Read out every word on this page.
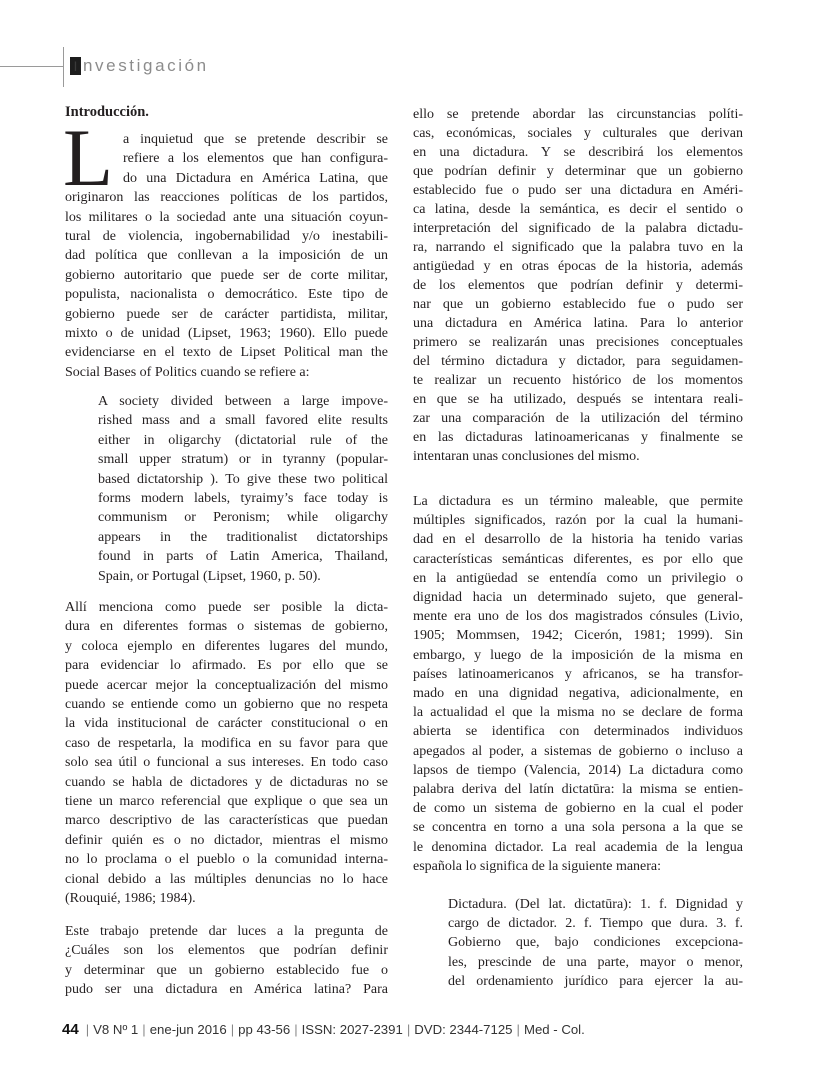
I nvestigación
Introducción.
L a inquietud que se pretende describir se
refiere a los elementos que han configura-
do una Dictadura en América Latina, que
originaron las reacciones políticas de los partidos,
los militares o la sociedad ante una situación coyun-
tural de violencia, ingobernabilidad y/o inestabili-
dad política que conllevan a la imposición de un
gobierno autoritario que puede ser de corte militar,
populista, nacionalista o democrático. Este tipo de
gobierno puede ser de carácter partidista, militar,
mixto o de unidad (Lipset, 1963; 1960). Ello puede
evidenciarse en el texto de Lipset Political man the
Social Bases of Politics cuando se refiere a:
A society divided between a large impove-
rished mass and a small favored elite results
either in oligarchy (dictatorial rule of the
small upper stratum) or in tyranny (popular-
based dictatorship ). To give these two political
forms modern labels, tyraimy’s face today is
communism or Peronism; while oligarchy
appears in the traditionalist dictatorships
found in parts of Latin America, Thailand,
Spain, or Portugal (Lipset, 1960, p. 50).
Allí menciona como puede ser posible la dicta-
dura en diferentes formas o sistemas de gobierno,
y coloca ejemplo en diferentes lugares del mundo,
para evidenciar lo afirmado. Es por ello que se
puede acercar mejor la conceptualización del mismo
cuando se entiende como un gobierno que no respeta
la vida institucional de carácter constitucional o en
caso de respetarla, la modifica en su favor para que
solo sea útil o funcional a sus intereses. En todo caso
cuando se habla de dictadores y de dictaduras no se
tiene un marco referencial que explique o que sea un
marco descriptivo de las características que puedan
definir quién es o no dictador, mientras el mismo
no lo proclama o el pueblo o la comunidad interna-
cional debido a las múltiples denuncias no lo hace
(Rouquié, 1986; 1984).
Este trabajo pretende dar luces a la pregunta de
¿Cuáles son los elementos que podrían definir
y determinar que un gobierno establecido fue o
pudo ser una dictadura en América latina? Para
ello se pretende abordar las circunstancias políti-
cas, económicas, sociales y culturales que derivan
en una dictadura. Y se describirá los elementos
que podrían definir y determinar que un gobierno
establecido fue o pudo ser una dictadura en Améri-
ca latina, desde la semántica, es decir el sentido o
interpretación del significado de la palabra dictadu-
ra, narrando el significado que la palabra tuvo en la
antigüedad y en otras épocas de la historia, además
de los elementos que podrían definir y determi-
nar que un gobierno establecido fue o pudo ser
una dictadura en América latina. Para lo anterior
primero se realizarán unas precisiones conceptuales
del término dictadura y dictador, para seguidamen-
te realizar un recuento histórico de los momentos
en que se ha utilizado, después se intentara reali-
zar una comparación de la utilización del término
en las dictaduras latinoamericanas y finalmente se
intentaran unas conclusiones del mismo.
La dictadura es un término maleable, que permite
múltiples significados, razón por la cual la humani-
dad en el desarrollo de la historia ha tenido varias
características semánticas diferentes, es por ello que
en la antigüedad se entendía como un privilegio o
dignidad hacia un determinado sujeto, que general-
mente era uno de los dos magistrados cónsules (Livio,
1905; Mommsen, 1942; Cicerón, 1981; 1999). Sin
embargo, y luego de la imposición de la misma en
países latinoamericanos y africanos, se ha transfor-
mado en una dignidad negativa, adicionalmente, en
la actualidad el que la misma no se declare de forma
abierta se identifica con determinados individuos
apegados al poder, a sistemas de gobierno o incluso a
lapsos de tiempo (Valencia, 2014) La dictadura como
palabra deriva del latín dictatūra: la misma se entien-
de como un sistema de gobierno en la cual el poder
se concentra en torno a una sola persona a la que se
le denomina dictador. La real academia de la lengua
española lo significa de la siguiente manera:
Dictadura. (Del lat. dictatūra): 1. f. Dignidad y
cargo de dictador. 2. f. Tiempo que dura. 3. f.
Gobierno que, bajo condiciones excepciona-
les, prescinde de una parte, mayor o menor,
del ordenamiento jurídico para ejercer la au-
44 | V8 Nº 1 | ene-jun 2016 | pp 43-56 | ISSN: 2027-2391 | DVD: 2344-7125 | Med - Col.
